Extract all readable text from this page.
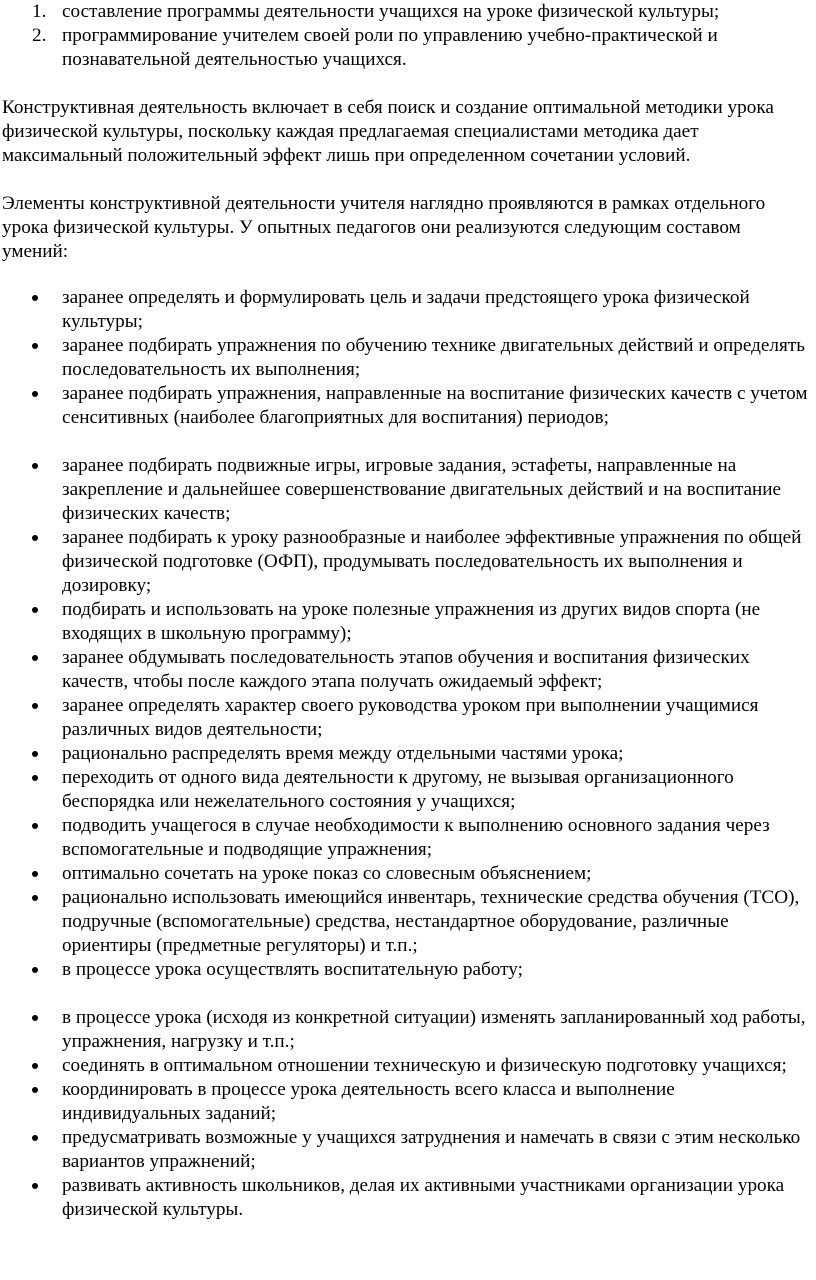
1. составление программы деятельности учащихся на уроке физической культуры;
2. программирование учителем своей роли по управлению учебно-практической и познавательной деятельностью учащихся.

Конструктивная деятельность включает в себя поиск и создание оптимальной методики урока физической культуры, поскольку каждая предлагаемая специалистами методика дает максимальный положительный эффект лишь при определенном сочетании условий.

Элементы конструктивной деятельности учителя наглядно проявляются в рамках отдельного урока физической культуры. У опытных педагогов они реализуются следующим составом умений:

заранее определять и формулировать цель и задачи предстоящего урока физической культуры;
заранее подбирать упражнения по обучению технике двигательных действий и определять последовательность их выполнения;
заранее подбирать упражнения, направленные на воспитание физических качеств с учетом сенситивных (наиболее благоприятных для воспитания) периодов;
заранее подбирать подвижные игры, игровые задания, эстафеты, направленные на закрепление и дальнейшее совершенствование двигательных действий и на воспитание физических качеств;
заранее подбирать к уроку разнообразные и наиболее эффективные упражнения по общей физической подготовке (ОФП), продумывать последовательность их выполнения и дозировку;
подбирать и использовать на уроке полезные упражнения из других видов спорта (не входящих в школьную программу);
заранее обдумывать последовательность этапов обучения и воспитания физических качеств, чтобы после каждого этапа получать ожидаемый эффект;
заранее определять характер своего руководства уроком при выполнении учащимися различных видов деятельности;
рационально распределять время между отдельными частями урока;
переходить от одного вида деятельности к другому, не вызывая организационного беспорядка или нежелательного состояния у учащихся;
подводить учащегося в случае необходимости к выполнению основного задания через вспомогательные и подводящие упражнения;
оптимально сочетать на уроке показ со словесным объяснением;
рационально использовать имеющийся инвентарь, технические средства обучения (ТСО), подручные (вспомогательные) средства, нестандартное оборудование, различные ориентиры (предметные регуляторы) и т.п.;
в процессе урока осуществлять воспитательную работу;
в процессе урока (исходя из конкретной ситуации) изменять запланированный ход работы, упражнения, нагрузку и т.п.;
соединять в оптимальном отношении техническую и физическую подготовку учащихся;
координировать в процессе урока деятельность всего класса и выполнение индивидуальных заданий;
предусматривать возможные у учащихся затруднения и намечать в связи с этим несколько вариантов упражнений;
развивать активность школьников, делая их активными участниками организации урока физической культуры.
